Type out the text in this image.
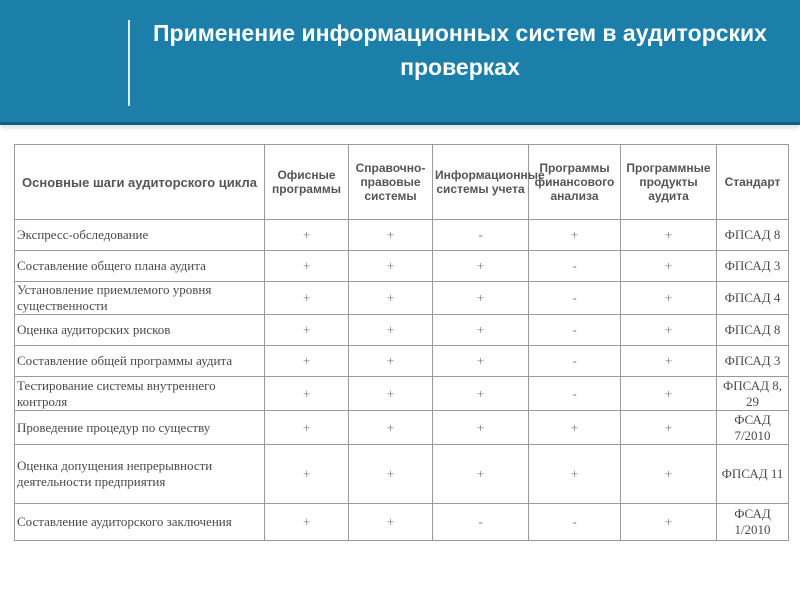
Применение информационных систем в аудиторских проверках
Основные шаги аудиторского цикла	Офисные программы	Справочно-правовые системы	Информационные системы учета	Программы финансового анализа	Программные продукты аудита	Стандарт
Экспресс-обследование	+	+	-	+	+	ФПСАД 8
Составление общего плана аудита	+	+	+	-	+	ФПСАД 3
Установление приемлемого уровня существенности	+	+	+	-	+	ФПСАД 4
Оценка аудиторских рисков	+	+	+	-	+	ФПСАД 8
Составление общей программы аудита	+	+	+	-	+	ФПСАД 3
Тестирование системы внутреннего контроля	+	+	+	-	+	ФПСАД 8, 29
Проведение процедур по существу	+	+	+	+	+	ФСАД 7/2010
Оценка допущения непрерывности деятельности предприятия	+	+	+	+	+	ФПСАД 11
Составление аудиторского заключения	+	+	-	-	+	ФСАД 1/2010
